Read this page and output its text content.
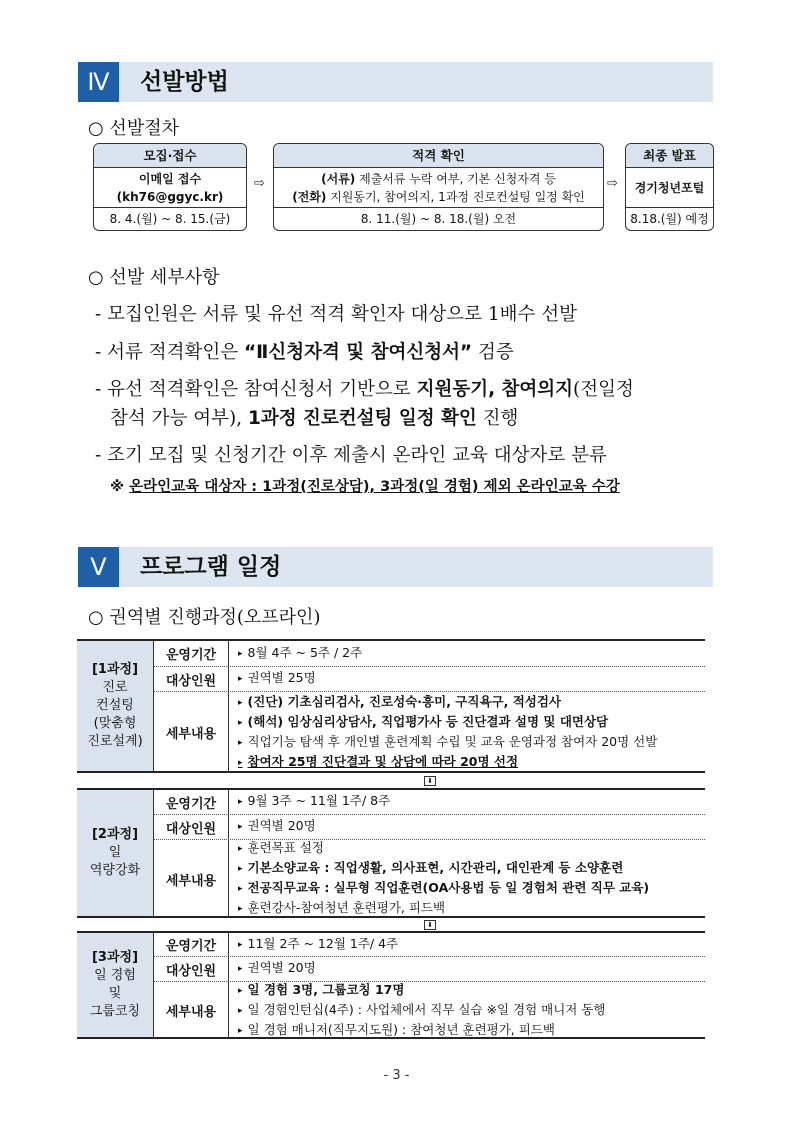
Ⅳ	선발방법
○ 선발절차
모집·접수
이메일 접수
(kh76@ggyc.kr)
8. 4.(월) ~ 8. 15.(금)
⇨
적격 확인
(서류) 제출서류 누락 여부, 기본 신청자격 등
(전화) 지원동기, 참여의지, 1과정 진로컨설팅 일정 확인
8. 11.(월) ~ 8. 18.(월) 오전
⇨
최종 발표
경기청년포털
8.18.(월) 예정
○ 선발 세부사항
- 모집인원은 서류 및 유선 적격 확인자 대상으로 1배수 선발
- 서류 적격확인은 “Ⅱ신청자격 및 참여신청서” 검증
- 유선 적격확인은 참여신청서 기반으로 지원동기, 참여의지(전일정
참석 가능 여부), 1과정 진로컨설팅 일정 확인 진행
- 조기 모집 및 신청기간 이후 제출시 온라인 교육 대상자로 분류
※ 온라인교육 대상자 : 1과정(진로상담), 3과정(일 경험) 제외 온라인교육 수강
Ⅴ	프로그램 일정
○ 권역별 진행과정(오프라인)
[1과정]
진로
컨설팅
(맞춤형
진로설계)
운영기간	▸ 8월 4주 ~ 5주 / 2주
대상인원	▸ 권역별 25명
세부내용
▸ (진단) 기초심리검사, 진로성숙·흥미, 구직욕구, 적성검사
▸ (해석) 임상심리상담사, 직업평가사 등 진단결과 설명 및 대면상담
▸ 직업기능 탐색 후 개인별 훈련계획 수립 및 교육 운영과정 참여자 20명 선발
▸ 참여자 25명 진단결과 및 상담에 따라 20명 선정
⬇
[2과정]
일
역량강화
운영기간	▸ 9월 3주 ~ 11월 1주/ 8주
대상인원	▸ 권역별 20명
세부내용
▸ 훈련목표 설정
▸ 기본소양교육 : 직업생활, 의사표현, 시간관리, 대인관계 등 소양훈련
▸ 전공직무교육 : 실무형 직업훈련(OA사용법 등 일 경험처 관련 직무 교육)
▸ 훈련강사-참여청년 훈련평가, 피드백
⬇
[3과정]
일 경험
및
그룹코칭
운영기간	▸ 11월 2주 ~ 12월 1주/ 4주
대상인원	▸ 권역별 20명
세부내용
▸ 일 경험 3명, 그룹코칭 17명
▸ 일 경험인턴십(4주) : 사업체에서 직무 실습 ※일 경험 매니저 동행
▸ 일 경험 매니저(직무지도원) : 참여청년 훈련평가, 피드백
- 3 -
